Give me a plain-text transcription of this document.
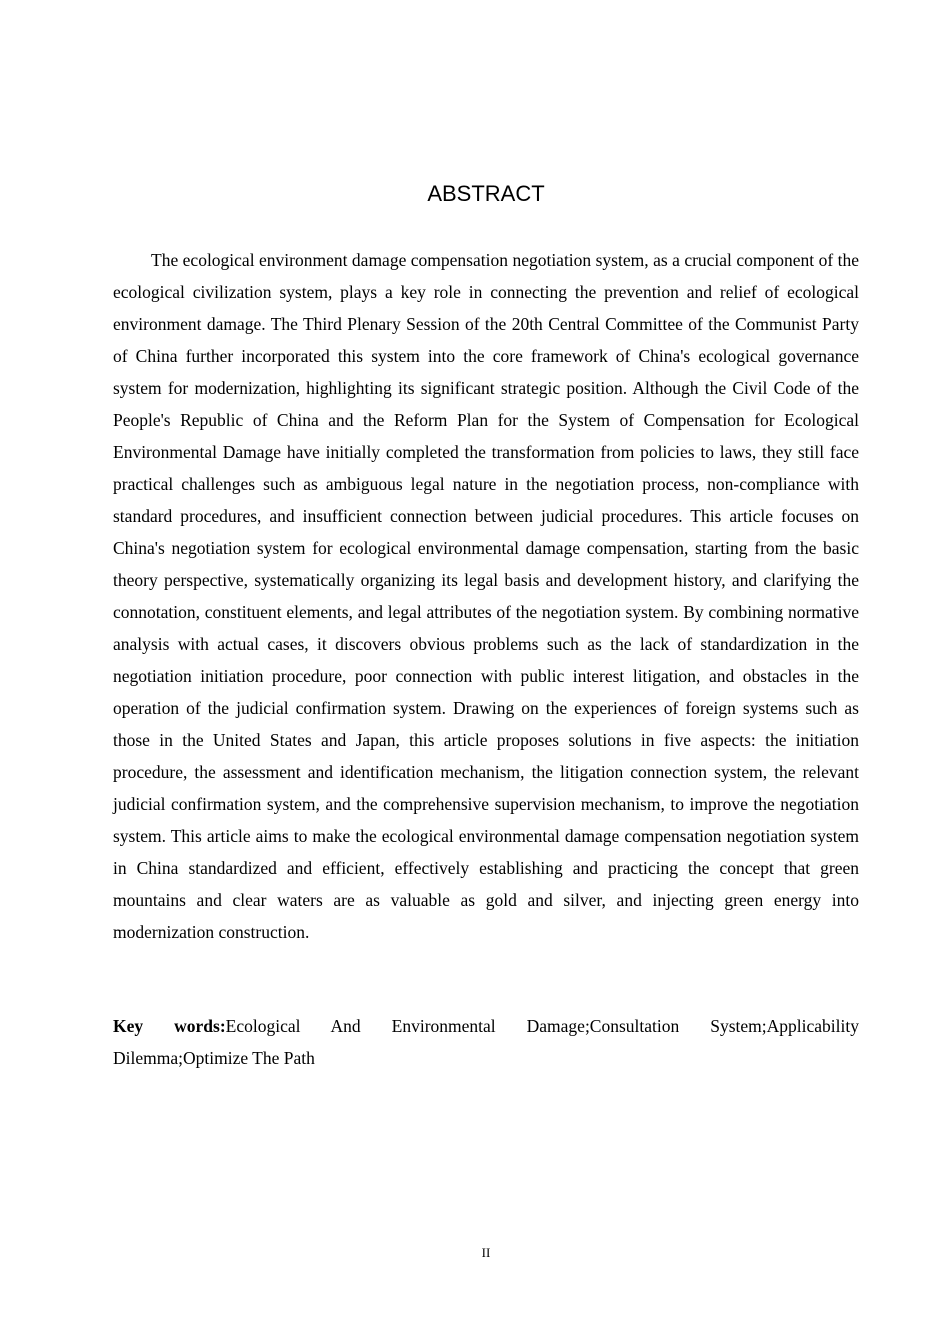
ABSTRACT

The ecological environment damage compensation negotiation system, as a crucial component of the ecological civilization system, plays a key role in connecting the prevention and relief of ecological environment damage. The Third Plenary Session of the 20th Central Committee of the Communist Party of China further incorporated this system into the core framework of China's ecological governance system for modernization, highlighting its significant strategic position. Although the Civil Code of the People's Republic of China and the Reform Plan for the System of Compensation for Ecological Environmental Damage have initially completed the transformation from policies to laws, they still face practical challenges such as ambiguous legal nature in the negotiation process, non-compliance with standard procedures, and insufficient connection between judicial procedures. This article focuses on China's negotiation system for ecological environmental damage compensation, starting from the basic theory perspective, systematically organizing its legal basis and development history, and clarifying the connotation, constituent elements, and legal attributes of the negotiation system. By combining normative analysis with actual cases, it discovers obvious problems such as the lack of standardization in the negotiation initiation procedure, poor connection with public interest litigation, and obstacles in the operation of the judicial confirmation system. Drawing on the experiences of foreign systems such as those in the United States and Japan, this article proposes solutions in five aspects: the initiation procedure, the assessment and identification mechanism, the litigation connection system, the relevant judicial confirmation system, and the comprehensive supervision mechanism, to improve the negotiation system. This article aims to make the ecological environmental damage compensation negotiation system in China standardized and efficient, effectively establishing and practicing the concept that green mountains and clear waters are as valuable as gold and silver, and injecting green energy into modernization construction.

Key words:Ecological And Environmental Damage;Consultation System;Applicability Dilemma;Optimize The Path

II
